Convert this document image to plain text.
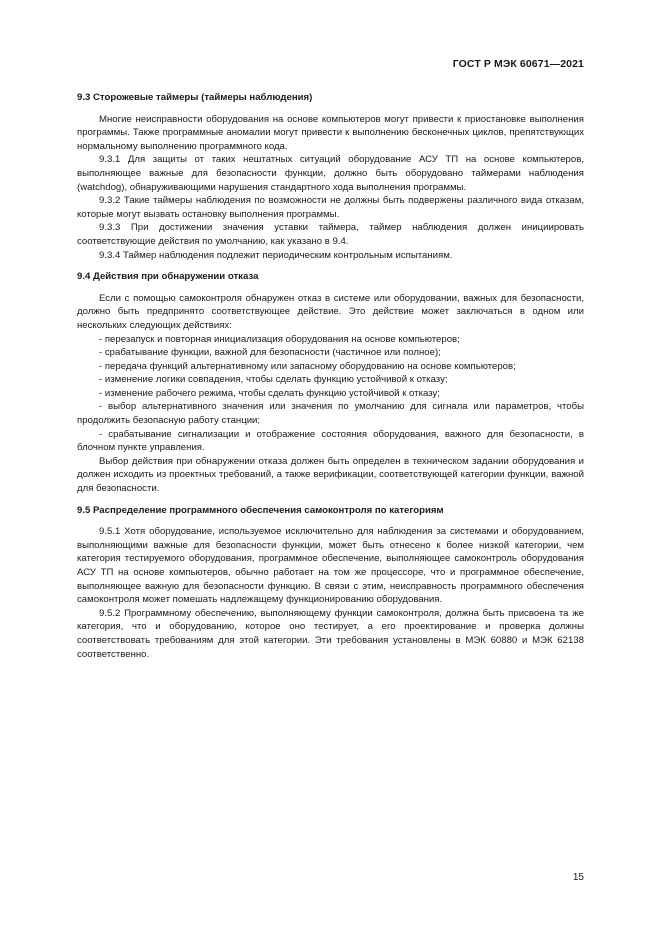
ГОСТ Р МЭК 60671—2021
9.3 Сторожевые таймеры (таймеры наблюдения)

Многие неисправности оборудования на основе компьютеров могут привести к приостановке выполнения программы. Также программные аномалии могут привести к выполнению бесконечных циклов, препятствующих нормальному выполнению программного кода.

9.3.1 Для защиты от таких нештатных ситуаций оборудование АСУ ТП на основе компьютеров, выполняющее важные для безопасности функции, должно быть оборудовано таймерами наблюдения (watchdog), обнаруживающими нарушения стандартного хода выполнения программы.

9.3.2 Такие таймеры наблюдения по возможности не должны быть подвержены различного вида отказам, которые могут вызвать остановку выполнения программы.

9.3.3 При достижении значения уставки таймера, таймер наблюдения должен инициировать соответствующие действия по умолчанию, как указано в 9.4.

9.3.4 Таймер наблюдения подлежит периодическим контрольным испытаниям.

9.4 Действия при обнаружении отказа

Если с помощью самоконтроля обнаружен отказ в системе или оборудовании, важных для безопасности, должно быть предпринято соответствующее действие. Это действие может заключаться в одном или нескольких следующих действиях:

- перезапуск и повторная инициализация оборудования на основе компьютеров;

- срабатывание функции, важной для безопасности (частичное или полное);

- передача функций альтернативному или запасному оборудованию на основе компьютеров;

- изменение логики совпадения, чтобы сделать функцию устойчивой к отказу;

- изменение рабочего режима, чтобы сделать функцию устойчивой к отказу;

- выбор альтернативного значения или значения по умолчанию для сигнала или параметров, чтобы продолжить безопасную работу станции;

- срабатывание сигнализации и отображение состояния оборудования, важного для безопасности, в блочном пункте управления.

Выбор действия при обнаружении отказа должен быть определен в техническом задании оборудования и должен исходить из проектных требований, а также верификации, соответствующей категории функции, важной для безопасности.

9.5 Распределение программного обеспечения самоконтроля по категориям

9.5.1 Хотя оборудование, используемое исключительно для наблюдения за системами и оборудованием, выполняющими важные для безопасности функции, может быть отнесено к более низкой категории, чем категория тестируемого оборудования, программное обеспечение, выполняющее самоконтроль оборудования АСУ ТП на основе компьютеров, обычно работает на том же процессоре, что и программное обеспечение, выполняющее важную для безопасности функцию. В связи с этим, неисправность программного обеспечения самоконтроля может помешать надлежащему функционированию оборудования.

9.5.2 Программному обеспечению, выполняющему функции самоконтроля, должна быть присвоена та же категория, что и оборудованию, которое оно тестирует, а его проектирование и проверка должны соответствовать требованиям для этой категории. Эти требования установлены в МЭК 60880 и МЭК 62138 соответственно.

15
